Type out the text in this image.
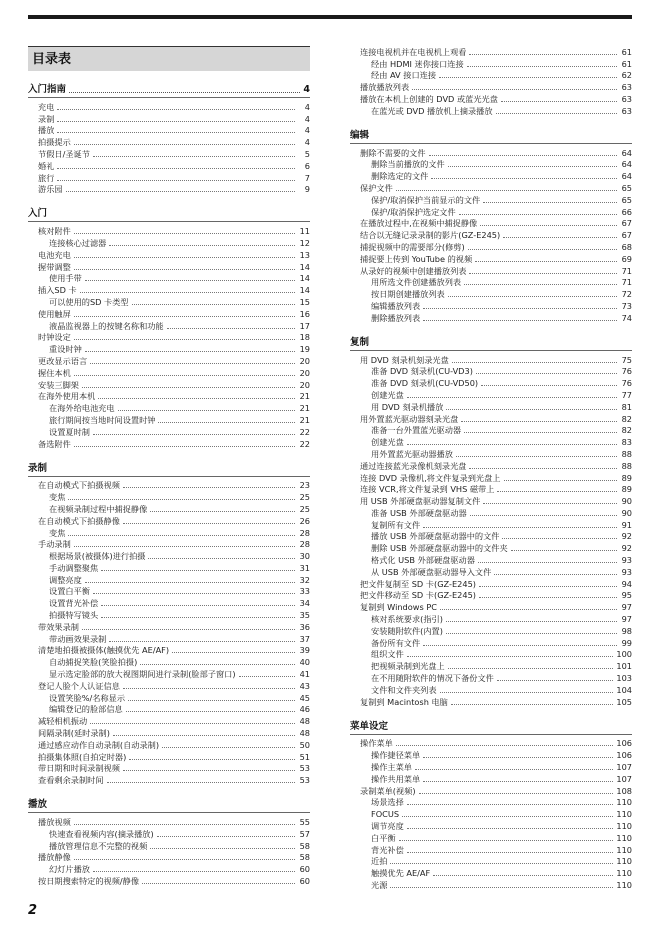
目录表
入门指南	4
充电	4
录制	4
播放	4
拍摄提示	4
节假日/圣诞节	5
婚礼	6
旅行	7
游乐园	9
入门
核对附件	11
连接核心过滤器	12
电池充电	13
握带调整	14
使用手带	14
插入SD 卡	14
可以使用的SD 卡类型	15
使用触屏	16
液晶监视器上的按键名称和功能	17
时钟设定	18
重设时钟	19
更改显示语言	20
握住本机	20
安装三脚架	20
在海外使用本机	21
在海外给电池充电	21
旅行期间按当地时间设置时钟	21
设置夏时制	22
备选附件	22
录制
在自动模式下拍摄视频	23
变焦	25
在视频录制过程中捕捉静像	25
在自动模式下拍摄静像	26
变焦	28
手动录制	28
根据场景(被摄体)进行拍摄	30
手动调整聚焦	31
调整亮度	32
设置白平衡	33
设置背光补偿	34
拍摄特写镜头	35
带效果录制	36
带动画效果录制	37
清楚地拍摄被摄体(触摸优先 AE/AF)	39
自动捕捉笑脸(笑脸拍摄)	40
显示选定脸部的放大视图期间进行录制(脸部子窗口)	41
登记人脸个人认证信息	43
设置笑脸%/名称显示	45
编辑登记的脸部信息	46
减轻相机振动	48
间隔录制(延时录制)	48
通过感应动作自动录制(自动录制)	50
拍摄集体照(自拍定时器)	51
带日期和时间录制视频	53
查看剩余录制时间	53
播放
播放视频	55
快速查看视频内容(摘录播放)	57
播放管理信息不完整的视频	58
播放静像	58
幻灯片播放	60
按日期搜索特定的视频/静像	60
连接电视机并在电视机上观看	61
经由 HDMI 迷你接口连接	61
经由 AV 接口连接	62
播放播放列表	63
播放在本机上创建的 DVD 或蓝光光盘	63
在蓝光或 DVD 播放机上摘录播放	63
编辑
删除不需要的文件	64
删除当前播放的文件	64
删除选定的文件	64
保护文件	65
保护/取消保护当前显示的文件	65
保护/取消保护选定文件	66
在播放过程中,在视频中捕捉静像	67
结合以无缝记录录制的影片(GZ-E245)	67
捕捉视频中的需要部分(修剪)	68
捕捉要上传到 YouTube 的视频	69
从录好的视频中创建播放列表	71
用所选文件创建播放列表	71
按日期创建播放列表	72
编辑播放列表	73
删除播放列表	74
复制
用 DVD 刻录机刻录光盘	75
准备 DVD 刻录机(CU-VD3)	76
准备 DVD 刻录机(CU-VD50)	76
创建光盘	77
用 DVD 刻录机播放	81
用外置蓝光驱动器刻录光盘	82
准备一台外置蓝光驱动器	82
创建光盘	83
用外置蓝光驱动器播放	88
通过连接蓝光录像机刻录光盘	88
连接 DVD 录像机,将文件复录到光盘上	89
连接 VCR,将文件复录到 VHS 磁带上	89
用 USB 外部硬盘驱动器复制文件	90
准备 USB 外部硬盘驱动器	90
复制所有文件	91
播放 USB 外部硬盘驱动器中的文件	92
删除 USB 外部硬盘驱动器中的文件夹	92
格式化 USB 外部硬盘驱动器	93
从 USB 外部硬盘驱动器导入文件	93
把文件复制至 SD 卡(GZ-E245)	94
把文件移动至 SD 卡(GZ-E245)	95
复制到 Windows PC	97
核对系统要求(指引)	97
安装随附软件(内置)	98
备份所有文件	99
组织文件	100
把视频录制到光盘上	101
在不用随附软件的情况下备份文件	103
文件和文件夹列表	104
复制到 Macintosh 电脑	105
菜单设定
操作菜单	106
操作捷径菜单	106
操作主菜单	107
操作共用菜单	107
录制菜单(视频)	108
场景选择	110
FOCUS	110
调节亮度	110
白平衡	110
背光补偿	110
近拍	110
触摸优先 AE/AF	110
光源	110
2
